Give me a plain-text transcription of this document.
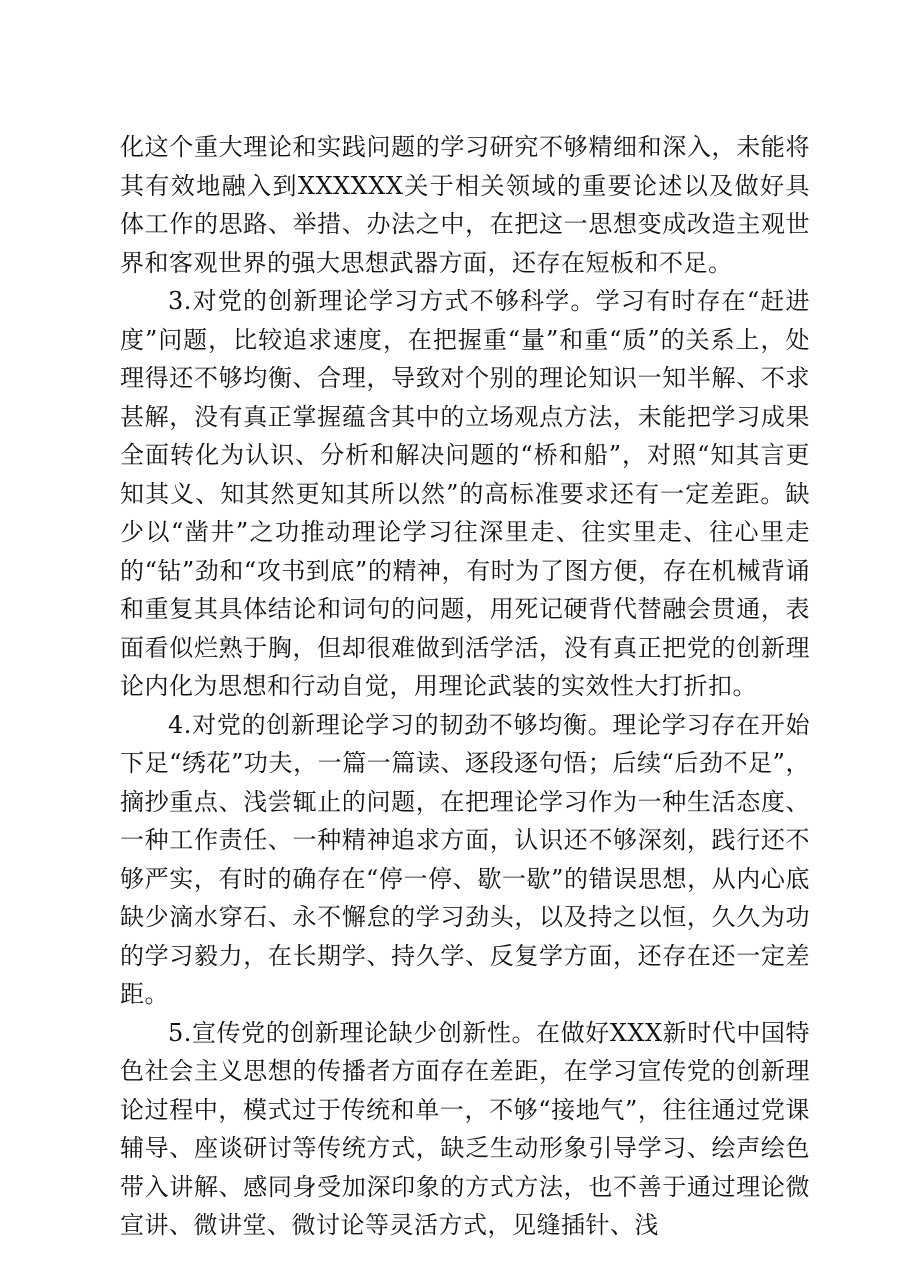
化这个重大理论和实践问题的学习研究不够精细和深入，未能将其有效地融入到XXXXXX关于相关领域的重要论述以及做好具体工作的思路、举措、办法之中，在把这一思想变成改造主观世界和客观世界的强大思想武器方面，还存在短板和不足。

3.对党的创新理论学习方式不够科学。学习有时存在“赶进度”问题，比较追求速度，在把握重“量”和重“质”的关系上，处理得还不够均衡、合理，导致对个别的理论知识一知半解、不求甚解，没有真正掌握蕴含其中的立场观点方法，未能把学习成果全面转化为认识、分析和解决问题的“桥和船”，对照“知其言更知其义、知其然更知其所以然”的高标准要求还有一定差距。缺少以“凿井”之功推动理论学习往深里走、往实里走、往心里走的“钻”劲和“攻书到底”的精神，有时为了图方便，存在机械背诵和重复其具体结论和词句的问题，用死记硬背代替融会贯通，表面看似烂熟于胸，但却很难做到活学活，没有真正把党的创新理论内化为思想和行动自觉，用理论武装的实效性大打折扣。

4.对党的创新理论学习的韧劲不够均衡。理论学习存在开始下足“绣花”功夫，一篇一篇读、逐段逐句悟；后续“后劲不足”，摘抄重点、浅尝辄止的问题，在把理论学习作为一种生活态度、一种工作责任、一种精神追求方面，认识还不够深刻，践行还不够严实，有时的确存在“停一停、歇一歇”的错误思想，从内心底缺少滴水穿石、永不懈怠的学习劲头，以及持之以恒，久久为功的学习毅力，在长期学、持久学、反复学方面，还存在还一定差距。

5.宣传党的创新理论缺少创新性。在做好XXX新时代中国特色社会主义思想的传播者方面存在差距，在学习宣传党的创新理论过程中，模式过于传统和单一，不够“接地气”，往往通过党课辅导、座谈研讨等传统方式，缺乏生动形象引导学习、绘声绘色带入讲解、感同身受加深印象的方式方法，也不善于通过理论微宣讲、微讲堂、微讨论等灵活方式，见缝插针、浅
